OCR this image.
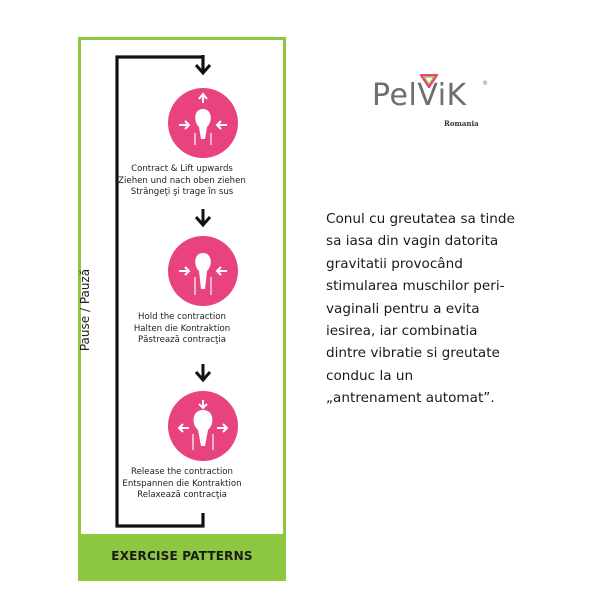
Pause / Pauză
Contract & Lift upwards
Ziehen und nach oben ziehen
Strângeţi şi trage în sus
Hold the contraction
Halten die Kontraktion
Păstrează contracţia
Release the contraction
Entspannen die Kontraktion
Relaxează contracţia
EXERCISE PATTERNS
PelViK	®
Romania
Conul cu greutatea sa tinde
sa iasa din vagin datorita
gravitatii provocând
stimularea muschilor peri-
vaginali pentru a evita
iesirea, iar combinatia
dintre vibratie si greutate
conduc la un
„antrenament automat”.
